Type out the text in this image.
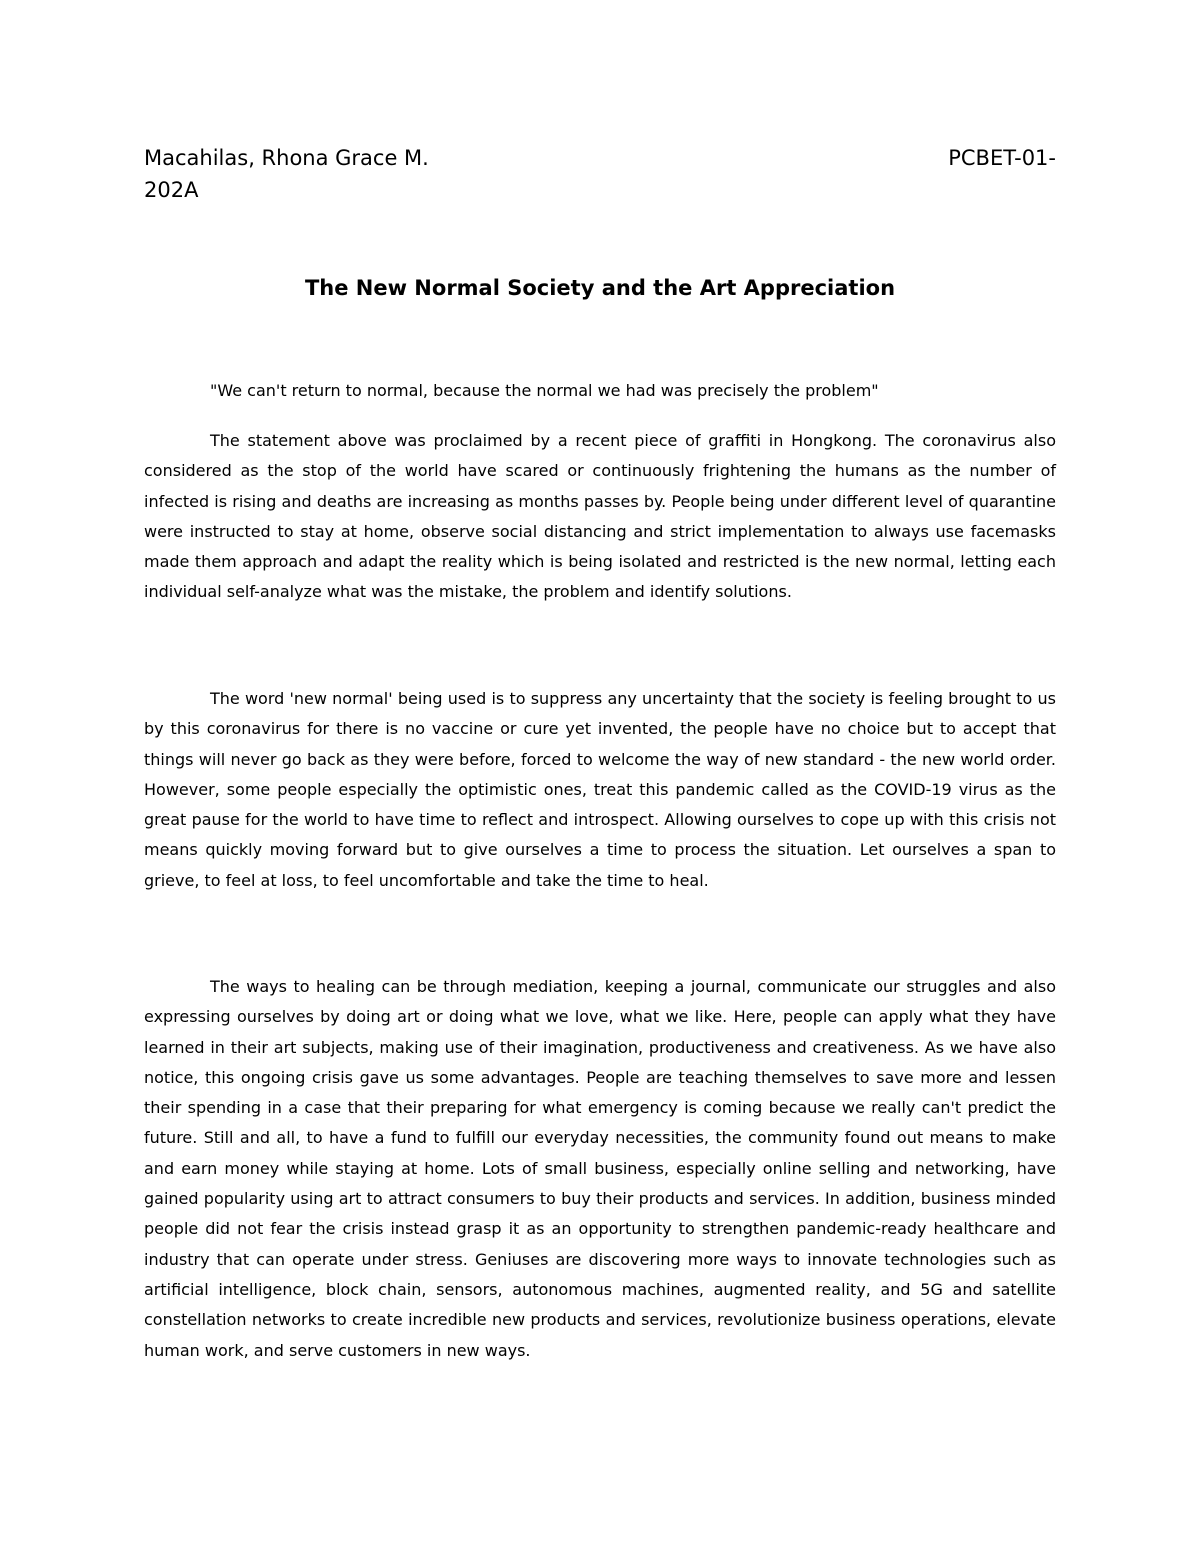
Macahilas, Rhona Grace M.	PCBET-01-
202A
The New Normal Society and the Art Appreciation
"We can't return to normal, because the normal we had was precisely the problem"
The statement above was proclaimed by a recent piece of graffiti in Hongkong. The coronavirus also considered as the stop of the world have scared or continuously frightening the humans as the number of infected is rising and deaths are increasing as months passes by. People being under different level of quarantine were instructed to stay at home, observe social distancing and strict implementation to always use facemasks made them approach and adapt the reality which is being isolated and restricted is the new normal, letting each individual self-analyze what was the mistake, the problem and identify solutions.
The word 'new normal' being used is to suppress any uncertainty that the society is feeling brought to us by this coronavirus for there is no vaccine or cure yet invented, the people have no choice but to accept that things will never go back as they were before, forced to welcome the way of new standard - the new world order. However, some people especially the optimistic ones, treat this pandemic called as the COVID-19 virus as the great pause for the world to have time to reflect and introspect. Allowing ourselves to cope up with this crisis not means quickly moving forward but to give ourselves a time to process the situation. Let ourselves a span to grieve, to feel at loss, to feel uncomfortable and take the time to heal.
The ways to healing can be through mediation, keeping a journal, communicate our struggles and also expressing ourselves by doing art or doing what we love, what we like. Here, people can apply what they have learned in their art subjects, making use of their imagination, productiveness and creativeness. As we have also notice, this ongoing crisis gave us some advantages. People are teaching themselves to save more and lessen their spending in a case that their preparing for what emergency is coming because we really can't predict the future. Still and all, to have a fund to fulfill our everyday necessities, the community found out means to make and earn money while staying at home. Lots of small business, especially online selling and networking, have gained popularity using art to attract consumers to buy their products and services. In addition, business minded people did not fear the crisis instead grasp it as an opportunity to strengthen pandemic-ready healthcare and industry that can operate under stress. Geniuses are discovering more ways to innovate technologies such as artificial intelligence, block chain, sensors, autonomous machines, augmented reality, and 5G and satellite constellation networks to create incredible new products and services, revolutionize business operations, elevate human work, and serve customers in new ways.
